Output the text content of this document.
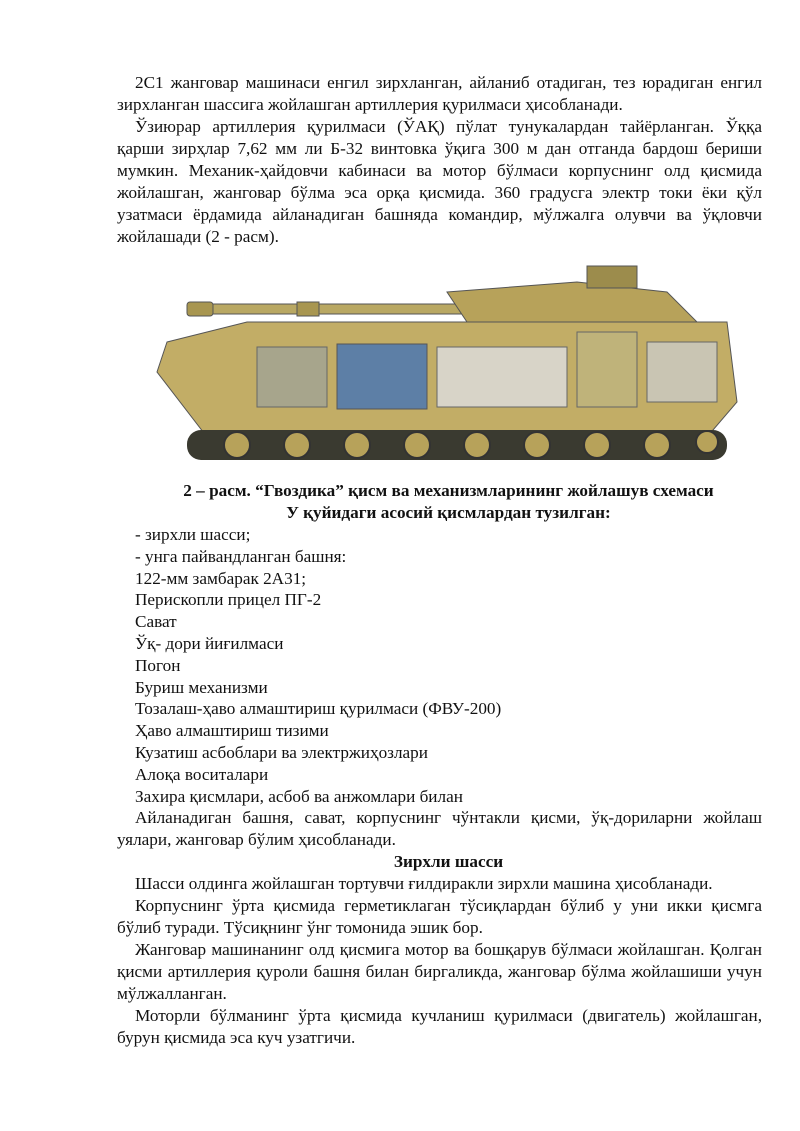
2С1 жанговар машинаси енгил зирхланган, айланиб отадиган, тез юрадиган енгил зирхланган шассига жойлашган артиллерия қурилмаси ҳисобланади.

Ўзиюрар артиллерия қурилмаси (ЎАҚ) пўлат тунукалардан тайёрланган. Ўққа қарши зирҳлар 7,62 мм ли Б-32 винтовка ўқига 300 м дан отганда бардош бериши мумкин. Механик-ҳайдовчи кабинаси ва мотор бўлмаси корпуснинг олд қисмида жойлашган, жанговар бўлма эса орқа қисмида. 360 градусга электр токи ёки қўл узатмаси ёрдамида айланадиган башняда командир, мўлжалга олувчи ва ўқловчи жойлашади (2 - расм).

2 – расм. “Гвоздика” қисм ва механизмларининг жойлашув схемаси

У қуйидаги асосий қисмлардан тузилган:

- зирхли шасси;
- унга пайвандланган башня:
122-мм замбарак 2А31;
Перископли прицел ПГ-2
Сават
Ўқ- дори йиғилмаси
Погон
Буриш механизми
Тозалаш-ҳаво алмаштириш қурилмаси (ФВУ-200)
Ҳаво алмаштириш тизими
Кузатиш асбоблари ва электржиҳозлари
Алоқа воситалари
Захира қисмлари, асбоб ва анжомлари билан

Айланадиган башня, сават, корпуснинг чўнтакли қисми, ўқ-дориларни жойлаш уялари, жанговар бўлим ҳисобланади.

Зирхли шасси

Шасси олдинга жойлашган тортувчи ғилдиракли зирхли машина ҳисобланади.

Корпуснинг ўрта қисмида герметиклаган тўсиқлардан бўлиб у уни икки қисмга бўлиб туради. Тўсиқнинг ўнг томонида эшик бор.

Жанговар машинанинг олд қисмига мотор ва бошқарув бўлмаси жойлашган. Қолган қисми артиллерия қуроли башня билан биргаликда, жанговар бўлма жойлашиши учун мўлжалланган.

Моторли бўлманинг ўрта қисмида кучланиш қурилмаси (двигатель) жойлашган, бурун қисмида эса куч узатгичи.
